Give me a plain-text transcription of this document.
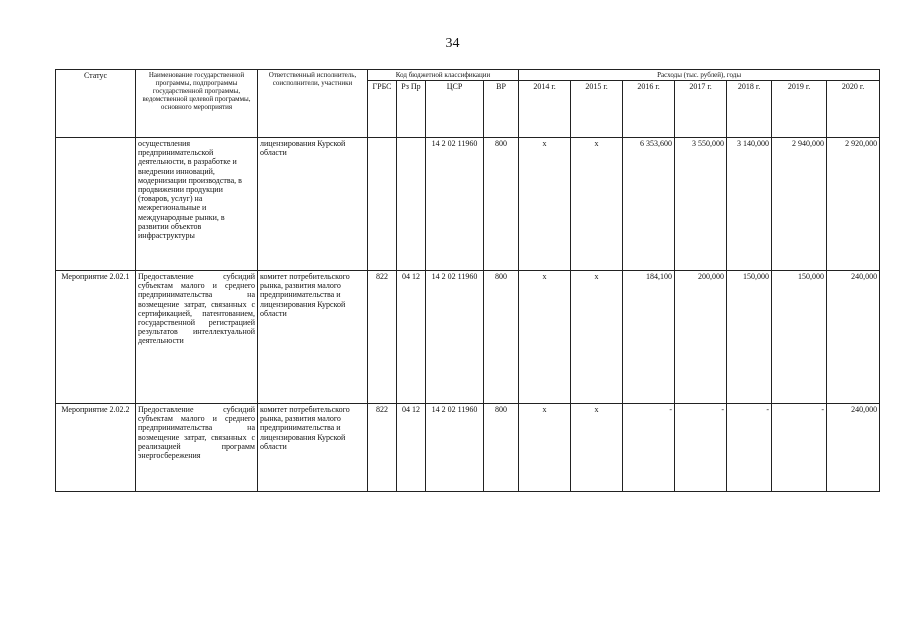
34
Статус	Наименование государственной программы, подпрограммы государственной программы, ведомственной целевой программы, основного мероприятия	Ответственный исполнитель, соисполнители, участники	Код бюджетной классификации				Расходы (тыс. рублей), годы						
			ГРБС	Рз Пр	ЦСР	ВР	2014 г.	2015 г.	2016 г.	2017 г.	2018 г.	2019 г.	2020 г.
	осуществления предпринимательской деятельности, в разработке и внедрении инноваций, модернизации производства, в продвижении продукции (товаров, услуг) на межрегиональные и международные рынки, в развитии объектов инфраструктуры	лицензирования Курской области			14 2 02 11960	800	х	х	6 353,600	3 550,000	3 140,000	2 940,000	2 920,000
Мероприятие 2.02.1	Предоставление субсидий субъектам малого и среднего предпринимательства на возмещение затрат, связанных с сертификацией, патентованием, государственной регистрацией результатов интеллектуальной деятельности	комитет потребительского рынка, развития малого предпринимательства и лицензирования Курской области	822	04 12	14 2 02 11960	800	х	х	184,100	200,000	150,000	150,000	240,000
Мероприятие 2.02.2	Предоставление субсидий субъектам малого и среднего предпринимательства на возмещение затрат, связанных с реализацией программ энергосбережения	комитет потребительского рынка, развития малого предпринимательства и лицензирования Курской области	822	04 12	14 2 02 11960	800	х	х	-	-	-	-	240,000
